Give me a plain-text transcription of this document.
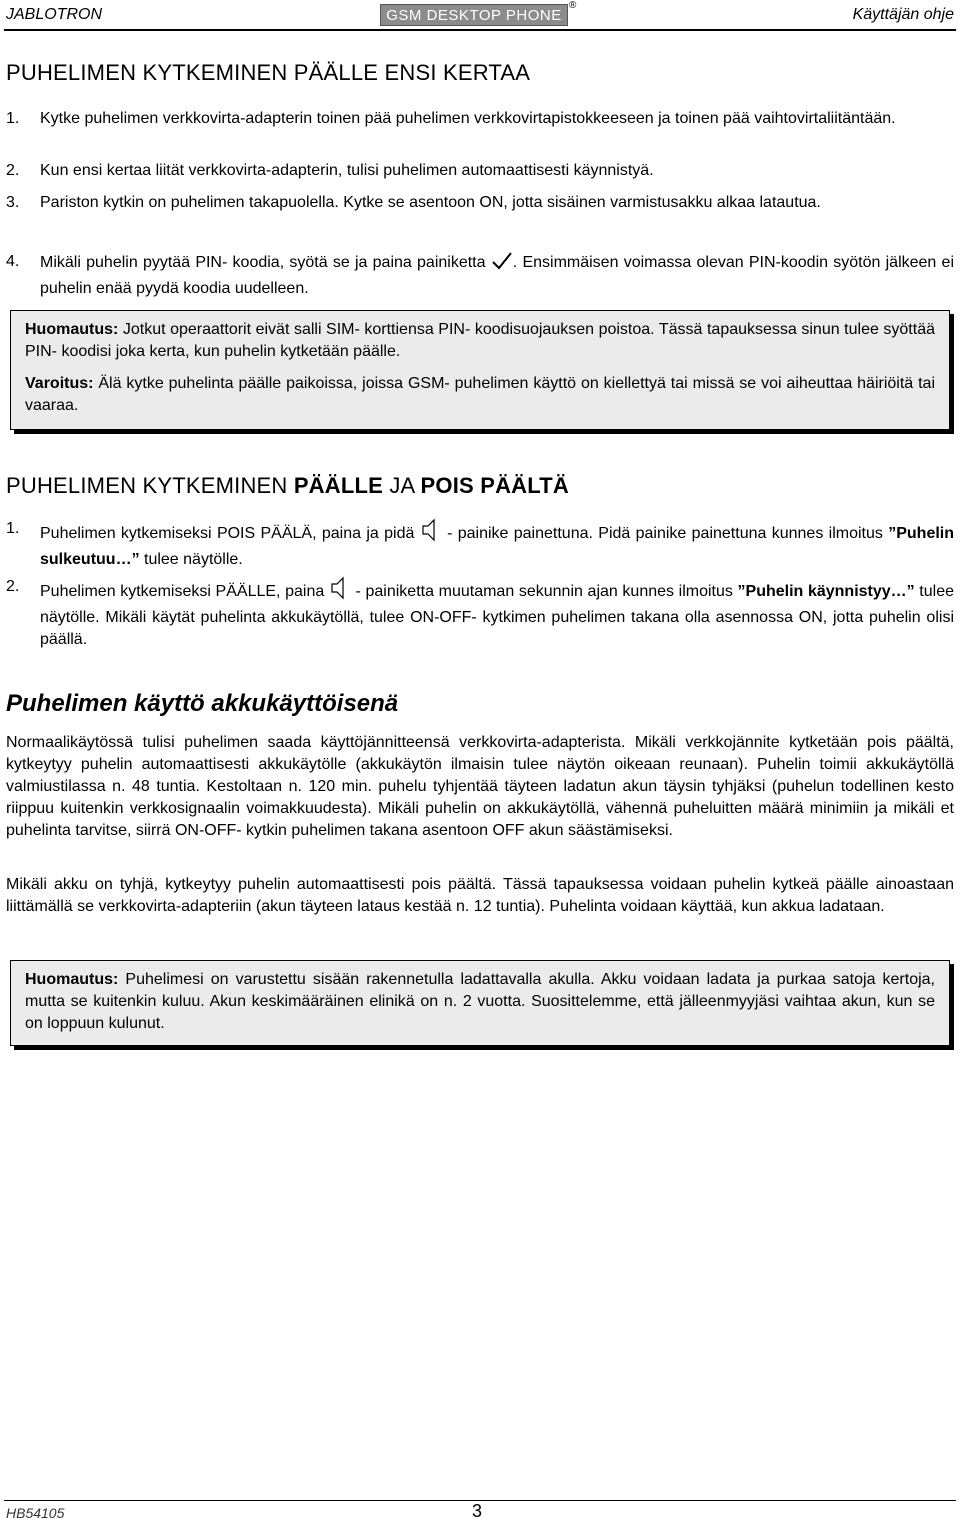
JABLOTRON	GSM DESKTOP PHONE
®
Käyttäjän ohje
PUHELIMEN KYTKEMINEN PÄÄLLE ENSI KERTAA
1. Kytke puhelimen verkkovirta-adapterin toinen pää puhelimen verkkovirtapistokkeeseen ja toinen pää vaihtovirtaliitäntään.
2. Kun ensi kertaa liität verkkovirta-adapterin, tulisi puhelimen automaattisesti käynnistyä.
3. Pariston kytkin on puhelimen takapuolella. Kytke se asentoon ON, jotta sisäinen varmistusakku alkaa latautua.
4. Mikäli puhelin pyytää PIN- koodia, syötä se ja paina painiketta . Ensimmäisen voimassa olevan PIN-koodin syötön jälkeen ei puhelin enää pyydä koodia uudelleen.
Huomautus: Jotkut operaattorit eivät salli SIM- korttiensa PIN- koodisuojauksen poistoa. Tässä tapauksessa sinun tulee syöttää PIN- koodisi joka kerta, kun puhelin kytketään päälle.
Varoitus: Älä kytke puhelinta päälle paikoissa, joissa GSM- puhelimen käyttö on kiellettyä tai missä se voi aiheuttaa häiriöitä tai vaaraa.
PUHELIMEN KYTKEMINEN PÄÄLLE JA POIS PÄÄLTÄ
1. Puhelimen kytkemiseksi POIS PÄÄLÄ, paina ja pidä  - painike painettuna. Pidä painike painettuna kunnes ilmoitus ”Puhelin sulkeutuu…” tulee näytölle.
2. Puhelimen kytkemiseksi PÄÄLLE, paina  - painiketta muutaman sekunnin ajan kunnes ilmoitus ”Puhelin käynnistyy…” tulee näytölle. Mikäli käytät puhelinta akkukäytöllä, tulee ON-OFF- kytkimen puhelimen takana olla asennossa ON, jotta puhelin olisi päällä.
Puhelimen käyttö akkukäyttöisenä
Normaalikäytössä tulisi puhelimen saada käyttöjännitteensä verkkovirta-adapterista. Mikäli verkkojännite kytketään pois päältä, kytkeytyy puhelin automaattisesti akkukäytölle (akkukäytön ilmaisin tulee näytön oikeaan reunaan). Puhelin toimii akkukäytöllä valmiustilassa n. 48 tuntia. Kestoltaan n. 120 min. puhelu tyhjentää täyteen ladatun akun täysin tyhjäksi (puhelun todellinen kesto riippuu kuitenkin verkkosignaalin voimakkuudesta). Mikäli puhelin on akkukäytöllä, vähennä puheluitten määrä minimiin ja mikäli et puhelinta tarvitse, siirrä ON-OFF- kytkin puhelimen takana asentoon OFF akun säästämiseksi.
Mikäli akku on tyhjä, kytkeytyy puhelin automaattisesti pois päältä. Tässä tapauksessa voidaan puhelin kytkeä päälle ainoastaan liittämällä se verkkovirta-adapteriin (akun täyteen lataus kestää n. 12 tuntia). Puhelinta voidaan käyttää, kun akkua ladataan.
Huomautus: Puhelimesi on varustettu sisään rakennetulla ladattavalla akulla. Akku voidaan ladata ja purkaa satoja kertoja, mutta se kuitenkin kuluu. Akun keskimääräinen elinikä on n. 2 vuotta. Suosittelemme, että jälleenmyyjäsi vaihtaa akun, kun se on loppuun kulunut.
HB54105	3
